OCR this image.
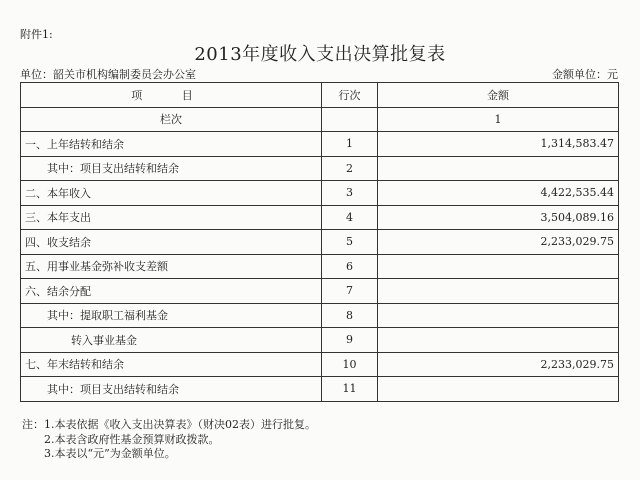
附件1:
2013年度收入支出决算批复表
单位：韶关市机构编制委员会办公室	金额单位：元
项 目	行次	金额
栏次		1
一、上年结转和结余	1	1,314,583.47
其中：项目支出结转和结余	2	
二、本年收入	3	4,422,535.44
三、本年支出	4	3,504,089.16
四、收支结余	5	2,233,029.75
五、用事业基金弥补收支差额	6	
六、结余分配	7	
其中：提取职工福利基金	8	
转入事业基金	9	
七、年末结转和结余	10	2,233,029.75
其中：项目支出结转和结余	11	
注：1.本表依据《收入支出决算表》（财决02表）进行批复。
2.本表含政府性基金预算财政拨款。
3.本表以“元”为金额单位。
